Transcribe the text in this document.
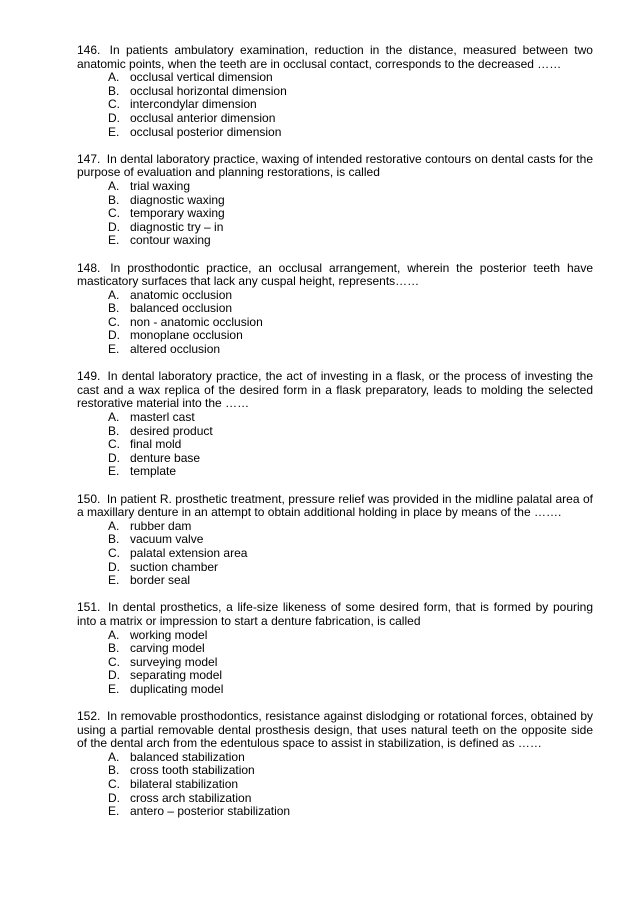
146. In patients ambulatory examination, reduction in the distance, measured between two anatomic points, when the teeth are in occlusal contact, corresponds to the decreased ……

A. occlusal vertical dimension
B. occlusal horizontal dimension
C. intercondylar dimension
D. occlusal anterior dimension
E. occlusal posterior dimension

147. In dental laboratory practice, waxing of intended restorative contours on dental casts for the purpose of evaluation and planning restorations, is called

A. trial waxing
B. diagnostic waxing
C. temporary waxing
D. diagnostic try – in
E. contour waxing

148. In prosthodontic practice, an occlusal arrangement, wherein the posterior teeth have masticatory surfaces that lack any cuspal height, represents……

A. anatomic occlusion
B. balanced occlusion
C. non - anatomic occlusion
D. monoplane occlusion
E. altered occlusion

149. In dental laboratory practice, the act of investing in a flask, or the process of investing the cast and a wax replica of the desired form in a flask preparatory, leads to molding the selected restorative material into the ……

A. masterl cast
B. desired product
C. final mold
D. denture base
E. template

150. In patient R. prosthetic treatment, pressure relief was provided in the midline palatal area of a maxillary denture in an attempt to obtain additional holding in place by means of the …….

A. rubber dam
B. vacuum valve
C. palatal extension area
D. suction chamber
E. border seal

151. In dental prosthetics, a life-size likeness of some desired form, that is formed by pouring into a matrix or impression to start a denture fabrication, is called

A. working model
B. carving model
C. surveying model
D. separating model
E. duplicating model

152. In removable prosthodontics, resistance against dislodging or rotational forces, obtained by using a partial removable dental prosthesis design, that uses natural teeth on the opposite side of the dental arch from the edentulous space to assist in stabilization, is defined as ……

A. balanced stabilization
B. cross tooth stabilization
C. bilateral stabilization
D. cross arch stabilization
E. antero – posterior stabilization
